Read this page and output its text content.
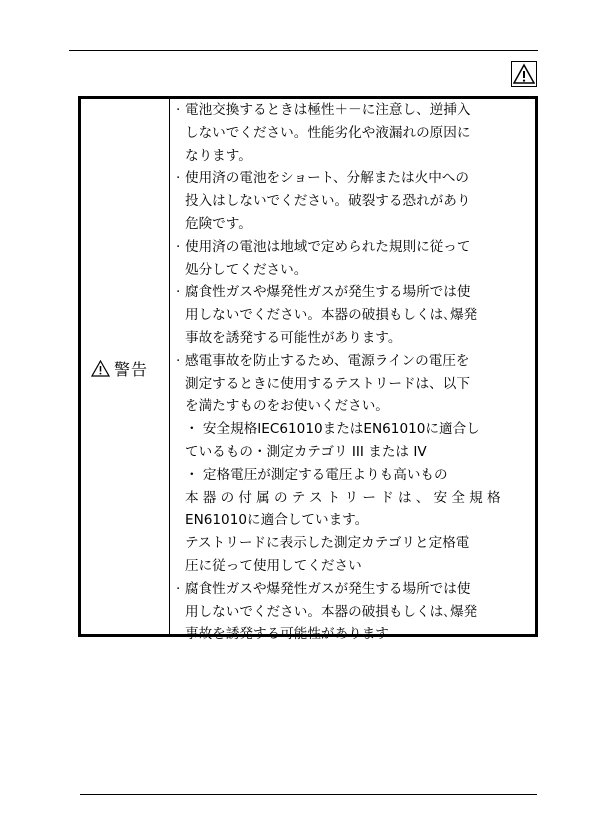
警告
· 電池交換するときは極性＋－に注意し、逆挿入
しないでください。性能劣化や液漏れの原因に
なります。
· 使用済の電池をショート、分解または火中への
投入はしないでください。破裂する恐れがあり
危険です。
· 使用済の電池は地域で定められた規則に従って
処分してください。
· 腐食性ガスや爆発性ガスが発生する場所では使
用しないでください。本器の破損もしくは､爆発
事故を誘発する可能性があります。
· 感電事故を防止するため、電源ラインの電圧を
測定するときに使用するテストリードは、以下
を満たすものをお使いください。
・ 安全規格IEC61010またはEN61010に適合し
ているもの・測定カテゴリ III または IV
・ 定格電圧が測定する電圧よりも高いもの
本器の付属のテストリードは、安全規格
EN61010に適合しています。
テストリードに表示した測定カテゴリと定格電
圧に従って使用してください
· 腐食性ガスや爆発性ガスが発生する場所では使
用しないでください。本器の破損もしくは､爆発
事故を誘発する可能性があります
